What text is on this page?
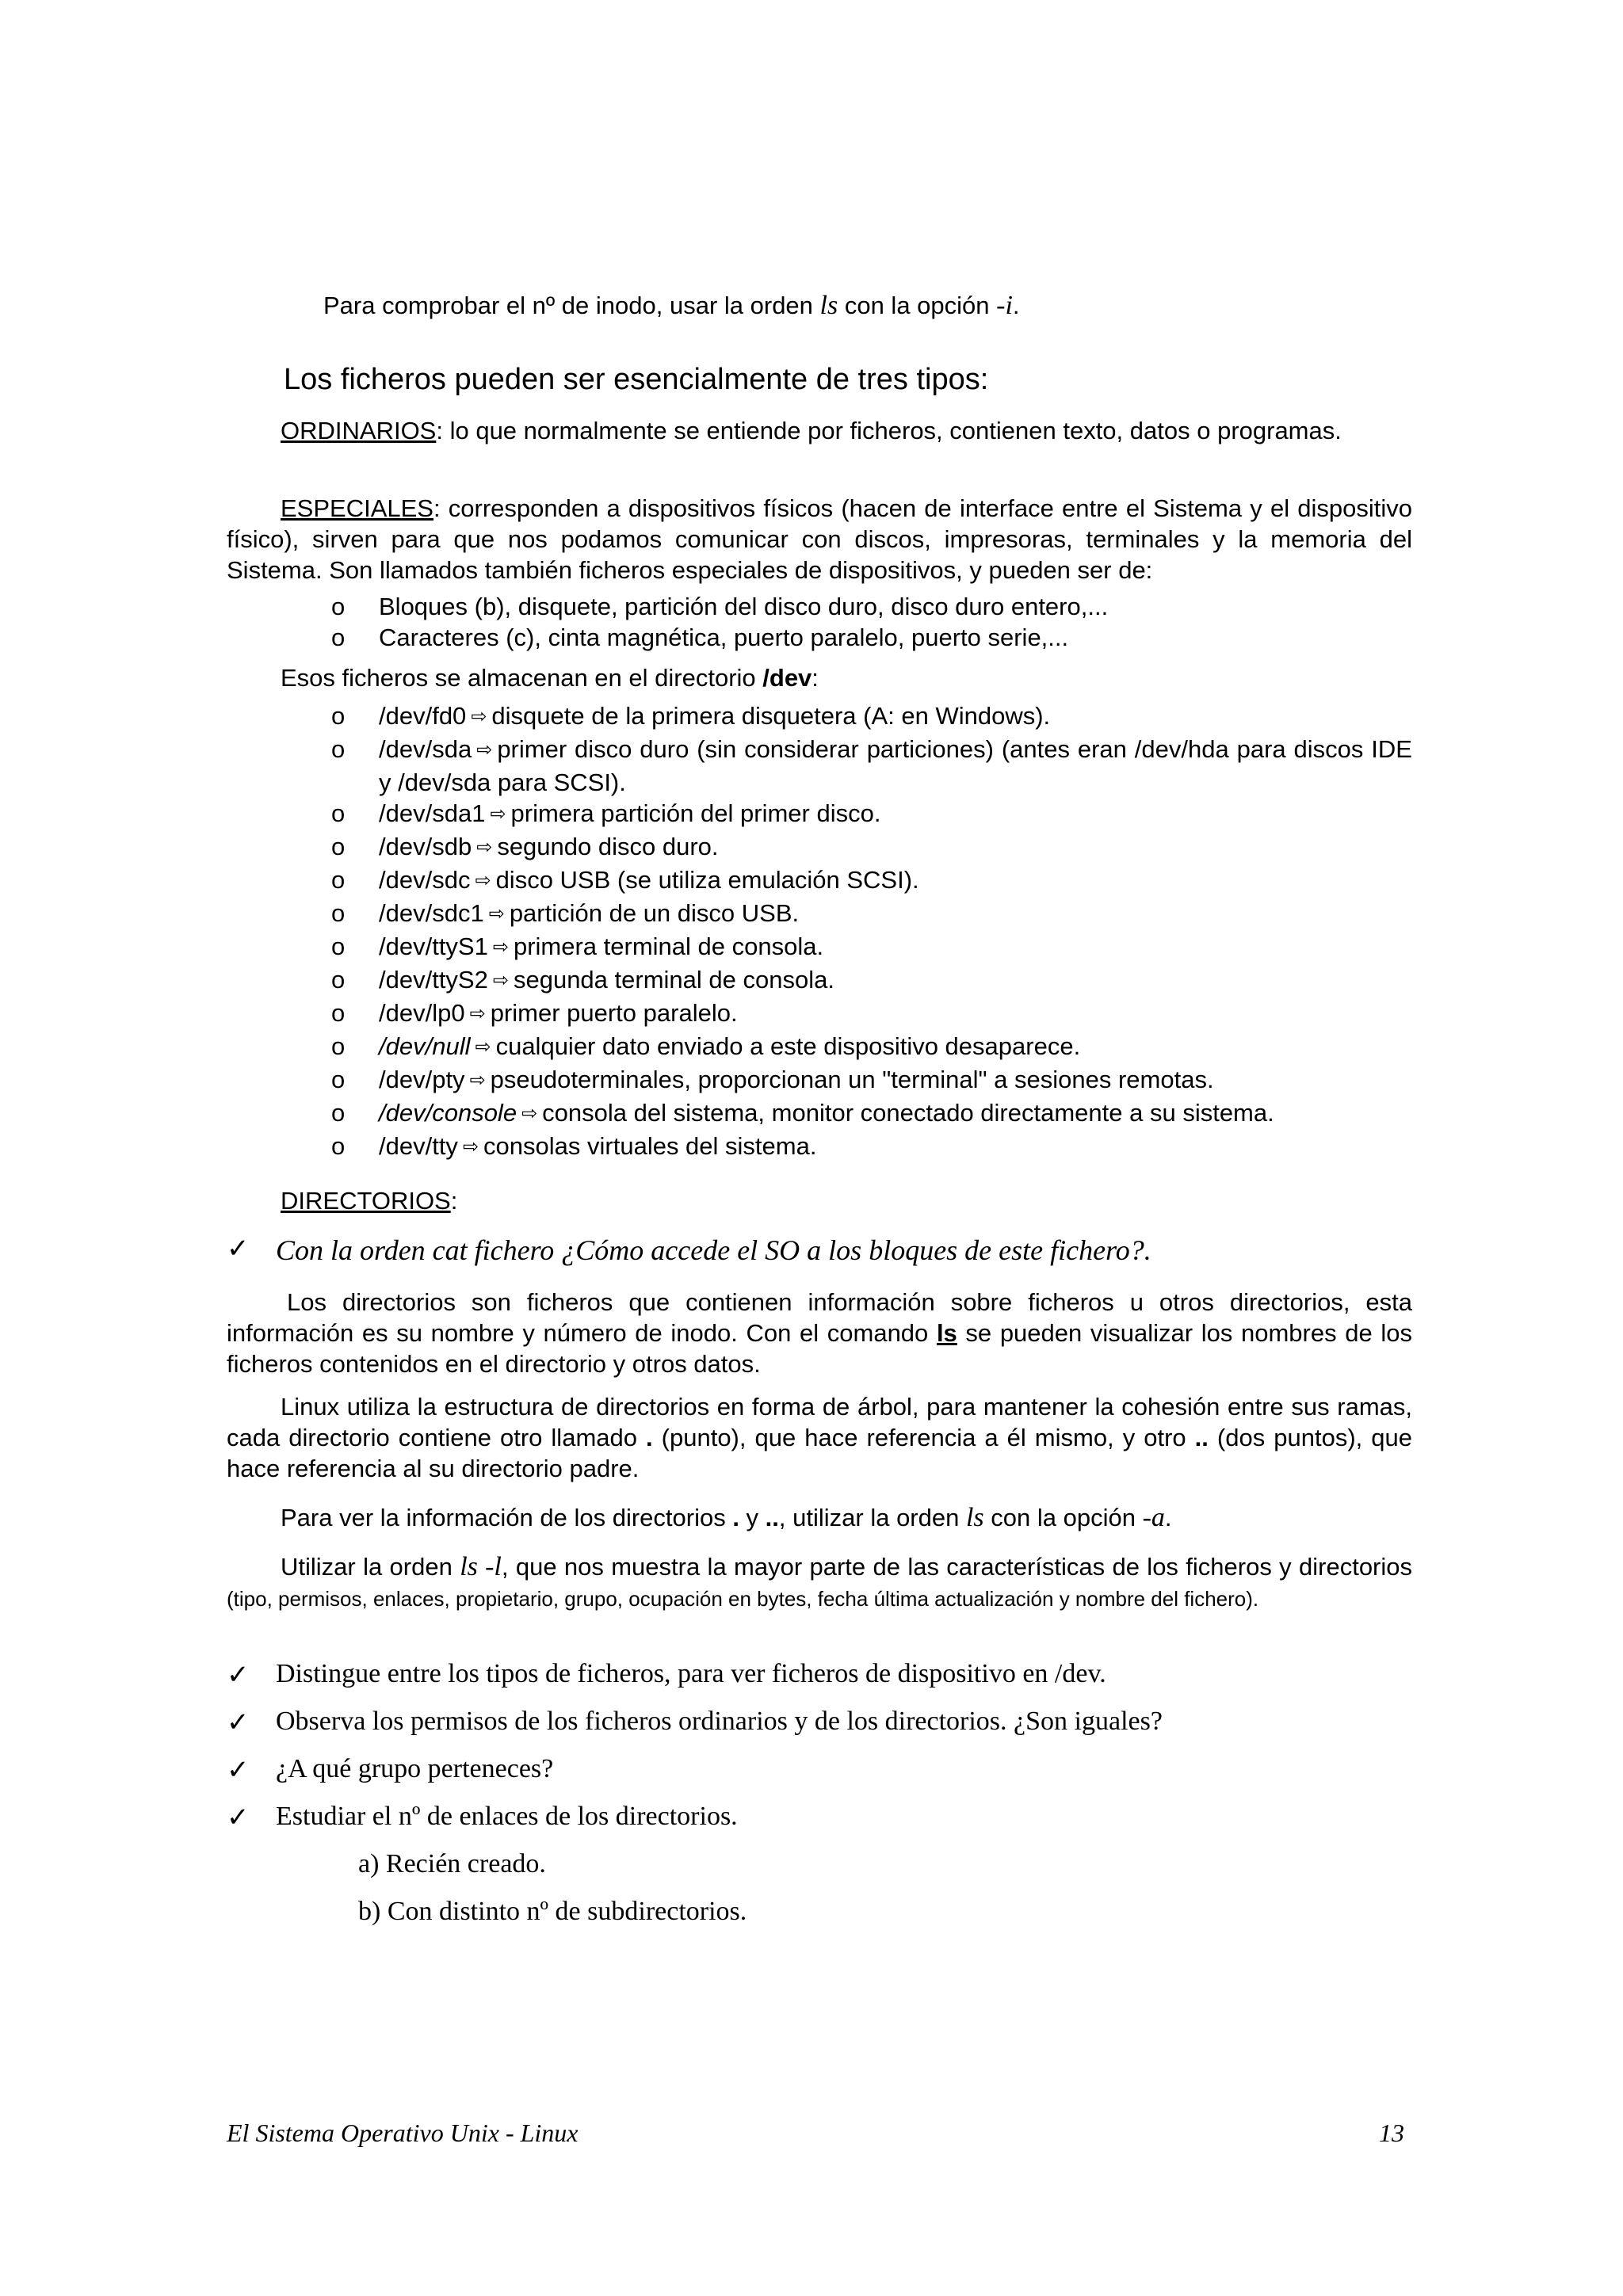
Para comprobar el nº de inodo, usar la orden ls con la opción -i.
Los ficheros pueden ser esencialmente de tres tipos:
ORDINARIOS: lo que normalmente se entiende por ficheros, contienen texto, datos o programas.
ESPECIALES: corresponden a dispositivos físicos (hacen de interface entre el Sistema y el dispositivo físico), sirven para que nos podamos comunicar con discos, impresoras, terminales y la memoria del Sistema. Son llamados también ficheros especiales de dispositivos, y pueden ser de:
o Bloques (b), disquete, partición del disco duro, disco duro entero,...
o Caracteres (c), cinta magnética, puerto paralelo, puerto serie,...
Esos ficheros se almacenan en el directorio /dev:
o /dev/fd0 ⇨ disquete de la primera disquetera (A: en Windows).
o /dev/sda ⇨ primer disco duro (sin considerar particiones) (antes eran /dev/hda para discos IDE y /dev/sda para SCSI).
o /dev/sda1 ⇨ primera partición del primer disco.
o /dev/sdb ⇨ segundo disco duro.
o /dev/sdc ⇨ disco USB (se utiliza emulación SCSI).
o /dev/sdc1 ⇨ partición de un disco USB.
o /dev/ttyS1 ⇨ primera terminal de consola.
o /dev/ttyS2 ⇨ segunda terminal de consola.
o /dev/lp0 ⇨ primer puerto paralelo.
o /dev/null ⇨ cualquier dato enviado a este dispositivo desaparece.
o /dev/pty ⇨ pseudoterminales, proporcionan un "terminal" a sesiones remotas.
o /dev/console ⇨ consola del sistema, monitor conectado directamente a su sistema.
o /dev/tty ⇨ consolas virtuales del sistema.
DIRECTORIOS:
✓ Con la orden cat fichero ¿Cómo accede el SO a los bloques de este fichero?.
Los directorios son ficheros que contienen información sobre ficheros u otros directorios, esta información es su nombre y número de inodo. Con el comando ls se pueden visualizar los nombres de los ficheros contenidos en el directorio y otros datos.
Linux utiliza la estructura de directorios en forma de árbol, para mantener la cohesión entre sus ramas, cada directorio contiene otro llamado . (punto), que hace referencia a él mismo, y otro .. (dos puntos), que hace referencia al su directorio padre.
Para ver la información de los directorios . y .., utilizar la orden ls con la opción -a.
Utilizar la orden ls -l, que nos muestra la mayor parte de las características de los ficheros y directorios (tipo, permisos, enlaces, propietario, grupo, ocupación en bytes, fecha última actualización y nombre del fichero).
✓ Distingue entre los tipos de ficheros, para ver ficheros de dispositivo en /dev.
✓ Observa los permisos de los ficheros ordinarios y de los directorios. ¿Son iguales?
✓ ¿A qué grupo perteneces?
✓ Estudiar el nº de enlaces de los directorios.
a) Recién creado.
b) Con distinto nº de subdirectorios.
El Sistema Operativo Unix - Linux	13
